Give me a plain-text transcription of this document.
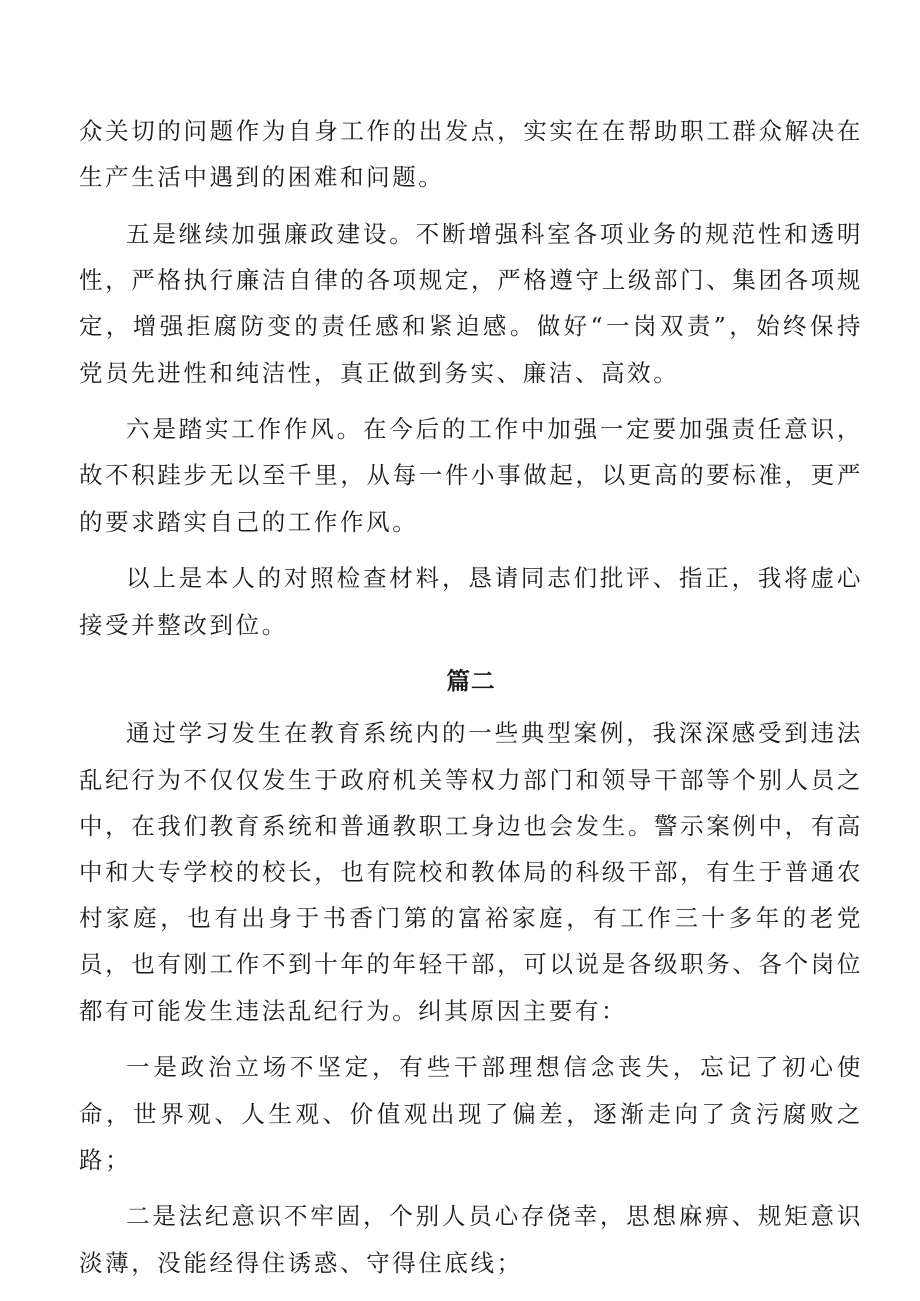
众关切的问题作为自身工作的出发点，实实在在帮助职工群众解决在生产生活中遇到的困难和问题。

五是继续加强廉政建设。不断增强科室各项业务的规范性和透明性，严格执行廉洁自律的各项规定，严格遵守上级部门、集团各项规定，增强拒腐防变的责任感和紧迫感。做好“一岗双责”，始终保持党员先进性和纯洁性，真正做到务实、廉洁、高效。

六是踏实工作作风。在今后的工作中加强一定要加强责任意识，故不积跬步无以至千里，从每一件小事做起，以更高的要标准，更严的要求踏实自己的工作作风。

以上是本人的对照检查材料，恳请同志们批评、指正，我将虚心接受并整改到位。

篇二

通过学习发生在教育系统内的一些典型案例，我深深感受到违法乱纪行为不仅仅发生于政府机关等权力部门和领导干部等个别人员之中，在我们教育系统和普通教职工身边也会发生。警示案例中，有高中和大专学校的校长，也有院校和教体局的科级干部，有生于普通农村家庭，也有出身于书香门第的富裕家庭，有工作三十多年的老党员，也有刚工作不到十年的年轻干部，可以说是各级职务、各个岗位都有可能发生违法乱纪行为。纠其原因主要有：

一是政治立场不坚定，有些干部理想信念丧失，忘记了初心使命，世界观、人生观、价值观出现了偏差，逐渐走向了贪污腐败之路；

二是法纪意识不牢固，个别人员心存侥幸，思想麻痹、规矩意识淡薄，没能经得住诱惑、守得住底线；
